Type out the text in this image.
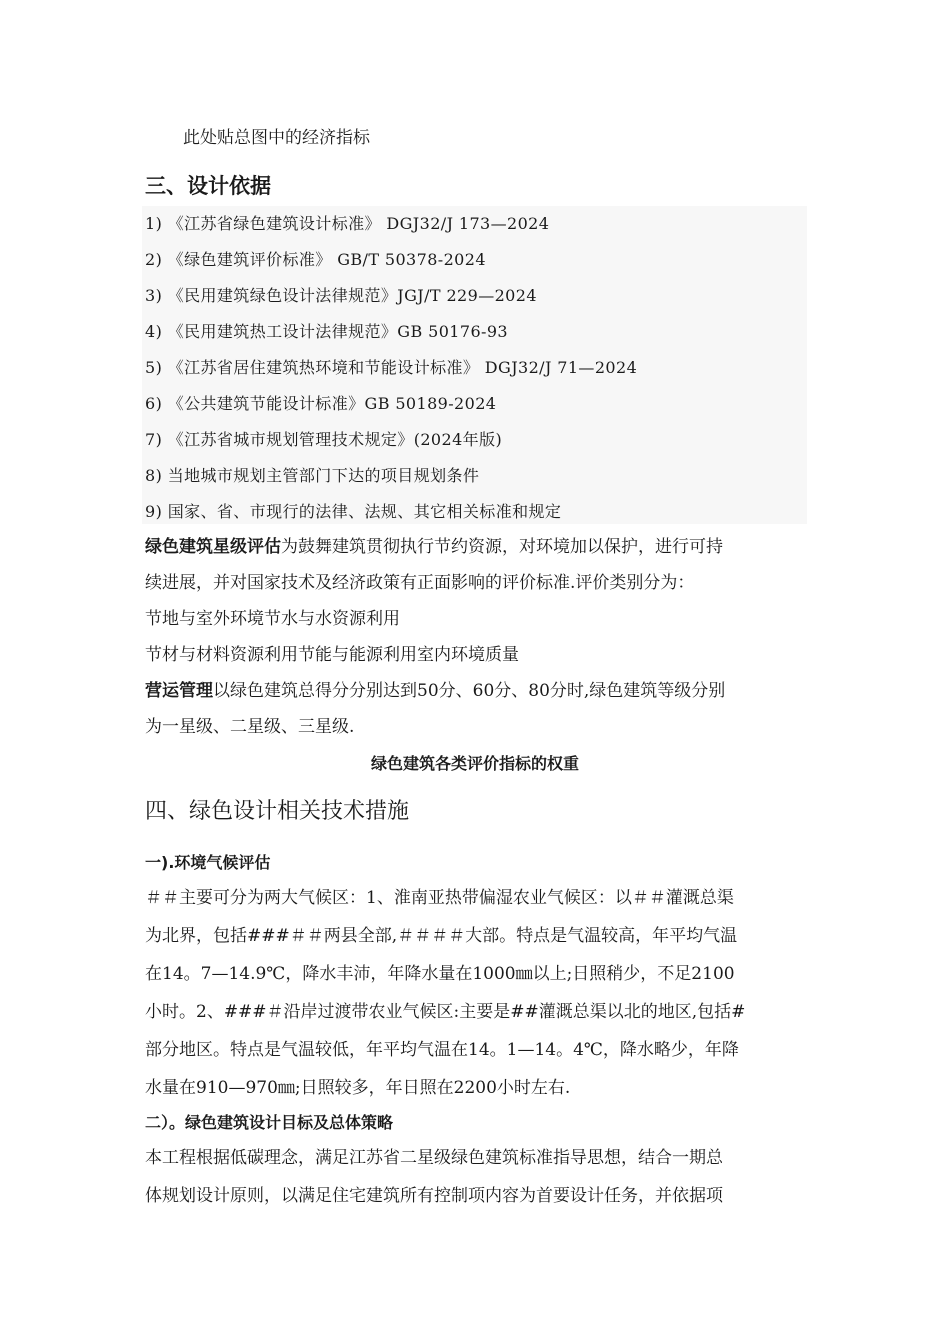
此处贴总图中的经济指标
三、设计依据
1) 《江苏省绿色建筑设计标准》 DGJ32/J 173—2024
2) 《绿色建筑评价标准》 GB/T 50378-2024
3) 《民用建筑绿色设计法律规范》JGJ/T 229—2024
4) 《民用建筑热工设计法律规范》GB 50176-93
5) 《江苏省居住建筑热环境和节能设计标准》 DGJ32/J 71—2024
6) 《公共建筑节能设计标准》GB 50189-2024
7) 《江苏省城市规划管理技术规定》(2024年版)
8) 当地城市规划主管部门下达的项目规划条件
9) 国家、省、市现行的法律、法规、其它相关标准和规定
绿色建筑星级评估为鼓舞建筑贯彻执行节约资源，对环境加以保护，进行可持
续进展，并对国家技术及经济政策有正面影响的评价标准.评价类别分为：
节地与室外环境节水与水资源利用
节材与材料资源利用节能与能源利用室内环境质量
营运管理以绿色建筑总得分分别达到50分、60分、80分时,绿色建筑等级分别
为一星级、二星级、三星级.
绿色建筑各类评价指标的权重
四、绿色设计相关技术措施
一).环境气候评估
＃＃主要可分为两大气候区：1、淮南亚热带偏湿农业气候区：以＃＃灌溉总渠
为北界，包括###＃＃两县全部,＃＃＃＃大部。特点是气温较高，年平均气温
在14。7—14.9℃，降水丰沛，年降水量在1000㎜以上;日照稍少，不足2100
小时。2、###＃沿岸过渡带农业气候区:主要是##灌溉总渠以北的地区,包括#
部分地区。特点是气温较低，年平均气温在14。1—14。4℃，降水略少，年降
水量在910—970㎜;日照较多，年日照在2200小时左右.
二）。绿色建筑设计目标及总体策略
本工程根据低碳理念，满足江苏省二星级绿色建筑标准指导思想，结合一期总
体规划设计原则，以满足住宅建筑所有控制项内容为首要设计任务，并依据项
